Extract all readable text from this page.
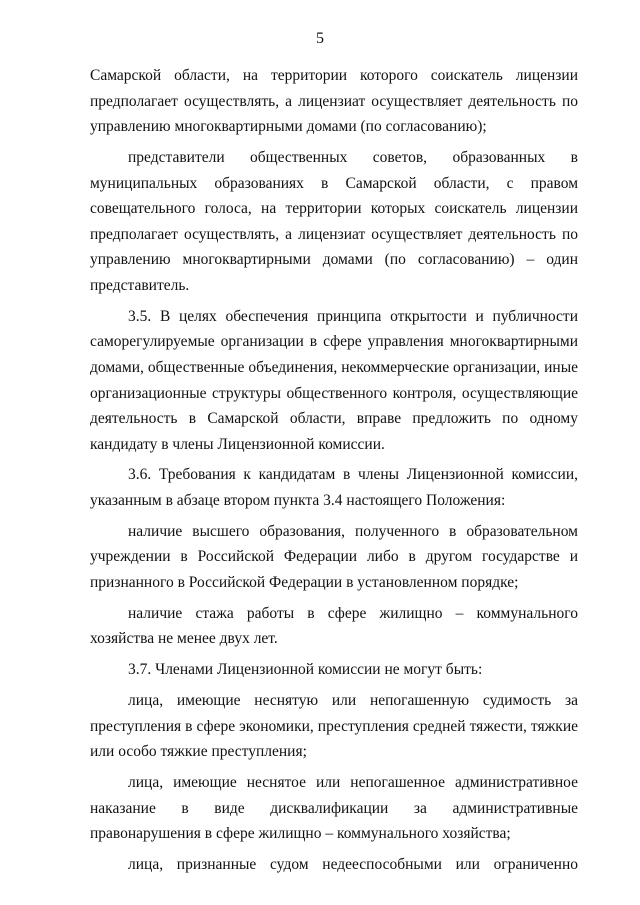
5

Самарской области, на территории которого соискатель лицензии предполагает осуществлять, а лицензиат осуществляет деятельность по управлению многоквартирными домами (по согласованию);

представители общественных советов, образованных в муниципальных образованиях в Самарской области, с правом совещательного голоса, на территории которых соискатель лицензии предполагает осуществлять, а лицензиат осуществляет деятельность по управлению многоквартирными домами (по согласованию) – один представитель.

3.5. В целях обеспечения принципа открытости и публичности саморегулируемые организации в сфере управления многоквартирными домами, общественные объединения, некоммерческие организации, иные организационные структуры общественного контроля, осуществляющие деятельность в Самарской области, вправе предложить по одному кандидату в члены Лицензионной комиссии.

3.6. Требования к кандидатам в члены Лицензионной комиссии, указанным в абзаце втором пункта 3.4 настоящего Положения:

наличие высшего образования, полученного в образовательном учреждении в Российской Федерации либо в другом государстве и признанного в Российской Федерации в установленном порядке;

наличие стажа работы в сфере жилищно – коммунального хозяйства не менее двух лет.

3.7. Членами Лицензионной комиссии не могут быть:

лица, имеющие неснятую или непогашенную судимость за преступления в сфере экономики, преступления средней тяжести, тяжкие или особо тяжкие преступления;

лица, имеющие неснятое или непогашенное административное наказание в виде дисквалификации за административные правонарушения в сфере жилищно – коммунального хозяйства;

лица, признанные судом недееспособными или ограниченно
